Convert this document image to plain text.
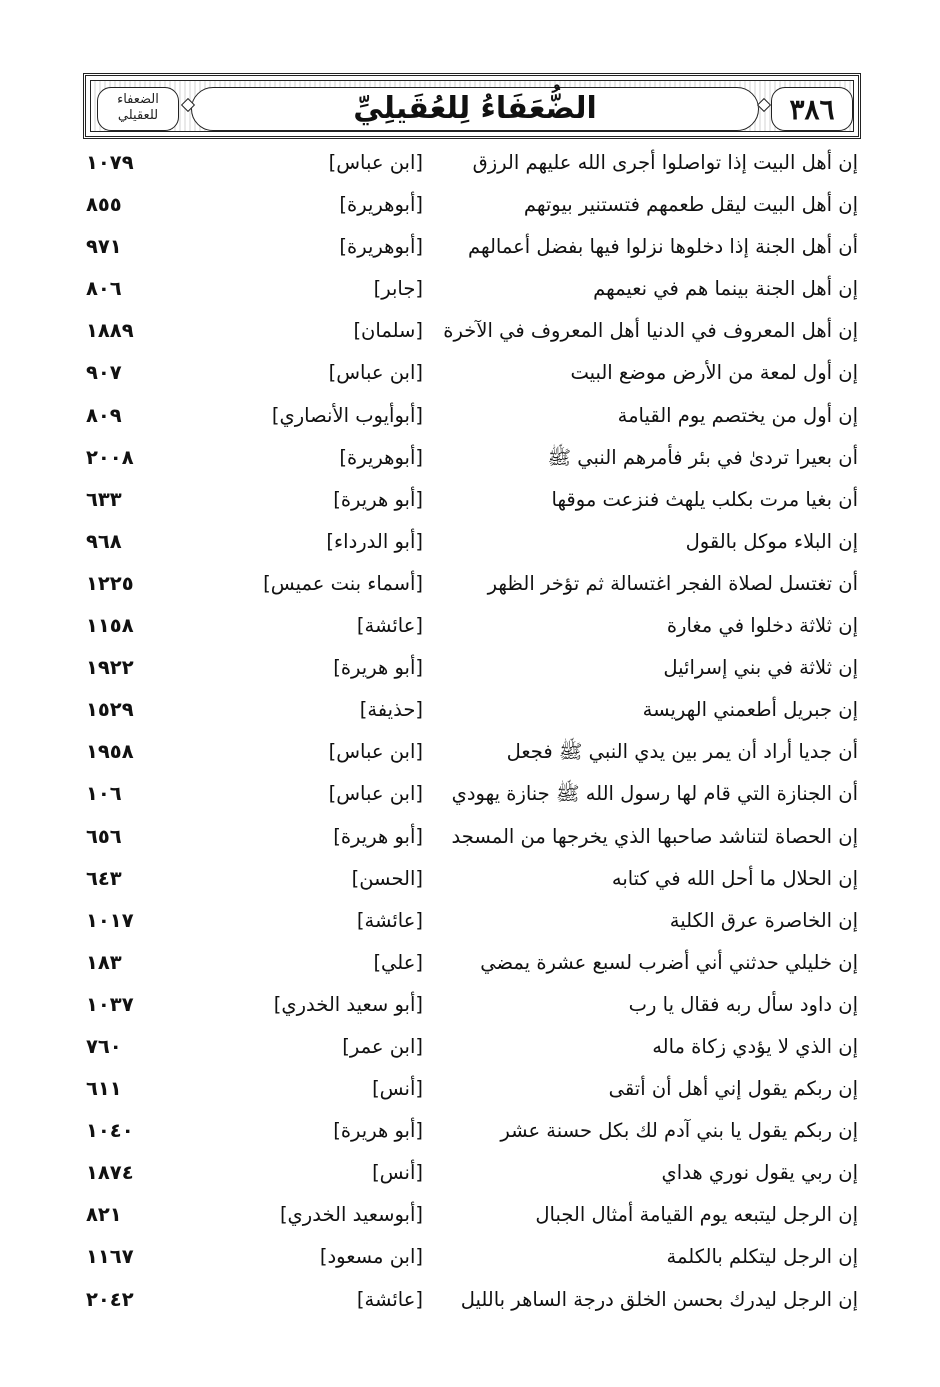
الضعفاء للعقيلي	الضُّعَفَاءُ لِلعُقَيلِيِّ	٣٨٦
إن أهل البيت إذا تواصلوا أجرى الله عليهم الرزق
[ابن عباس]
١٠٧٩
إن أهل البيت ليقل طعمهم فتستنير بيوتهم
[أبوهريرة]
٨٥٥
أن أهل الجنة إذا دخلوها نزلوا فيها بفضل أعمالهم
[أبوهريرة]
٩٧١
إن أهل الجنة بينما هم في نعيمهم
[جابر]
٨٠٦
إن أهل المعروف في الدنيا أهل المعروف في الآخرة
[سلمان]
١٨٨٩
إن أول لمعة من الأرض موضع البيت
[ابن عباس]
٩٠٧
إن أول من يختصم يوم القيامة
[أبوأيوب الأنصاري]
٨٠٩
أن بعيرا تردىٰ في بئر فأمرهم النبي ﷺ
[أبوهريرة]
٢٠٠٨
أن بغيا مرت بكلب يلهث فنزعت موقها
[أبو هريرة]
٦٣٣
إن البلاء موكل بالقول
[أبو الدرداء]
٩٦٨
أن تغتسل لصلاة الفجر اغتسالة ثم تؤخر الظهر
[أسماء بنت عميس]
١٢٢٥
إن ثلاثة دخلوا في مغارة
[عائشة]
١١٥٨
إن ثلاثة في بني إسرائيل
[أبو هريرة]
١٩٢٢
إن جبريل أطعمني الهريسة
[حذيفة]
١٥٢٩
أن جديا أراد أن يمر بين يدي النبي ﷺ فجعل
[ابن عباس]
١٩٥٨
أن الجنازة التي قام لها رسول الله ﷺ جنازة يهودي
[ابن عباس]
١٠٦
إن الحصاة لتناشد صاحبها الذي يخرجها من المسجد
[أبو هريرة]
٦٥٦
إن الحلال ما أحل الله في كتابه
[الحسن]
٦٤٣
إن الخاصرة عرق الكلية
[عائشة]
١٠١٧
إن خليلي حدثني أني أضرب لسبع عشرة يمضي
[علي]
١٨٣
إن داود سأل ربه فقال يا رب
[أبو سعيد الخدري]
١٠٣٧
إن الذي لا يؤدي زكاة ماله
[ابن عمر]
٧٦٠
إن ربكم يقول إني أهل أن أتقى
[أنس]
٦١١
إن ربكم يقول يا بني آدم لك بكل حسنة عشر
[أبو هريرة]
١٠٤٠
إن ربي يقول نوري هداي
[أنس]
١٨٧٤
إن الرجل ليتبعه يوم القيامة أمثال الجبال
[أبوسعيد الخدري]
٨٢١
إن الرجل ليتكلم بالكلمة
[ابن مسعود]
١١٦٧
إن الرجل ليدرك بحسن الخلق درجة الساهر بالليل
[عائشة]
٢٠٤٢
